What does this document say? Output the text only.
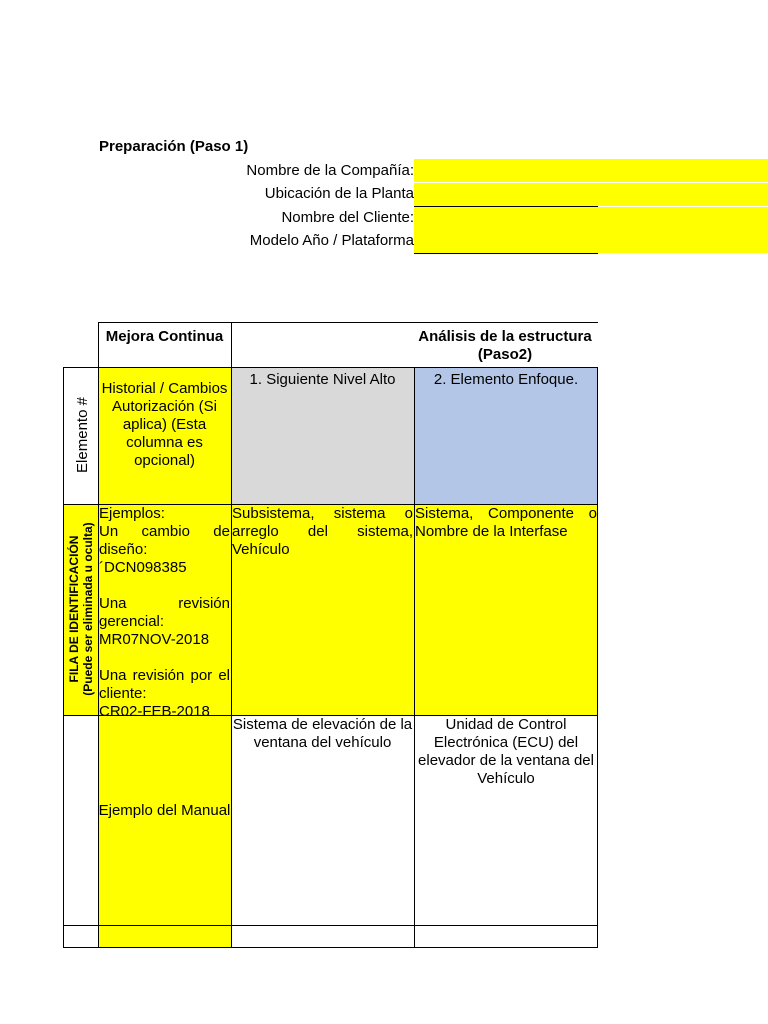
Preparación (Paso 1)
Nombre de la Compañía:
Ubicación de la Planta
Nombre del Cliente:
Modelo Año / Plataforma
Mejora Continua	Análisis de la estructura (Paso2)
Elemento #
Historial / Cambios Autorización (Si aplica) (Esta columna es opcional)
1. Siguiente Nivel Alto	2. Elemento Enfoque.
FILA DE IDENTIFICACIÓN (Puede ser eliminada u oculta)
Ejemplos:
Un cambio de diseño:
´DCN098385
Una revisión gerencial:
MR07NOV-2018
Una revisión por el cliente:
CR02-FEB-2018
Subsistema, sistema o arreglo del sistema, Vehículo
Sistema, Componente o Nombre de la Interfase
Ejemplo del Manual
Sistema de elevación de la ventana del vehículo
Unidad de Control Electrónica (ECU) del elevador de la ventana del Vehículo
